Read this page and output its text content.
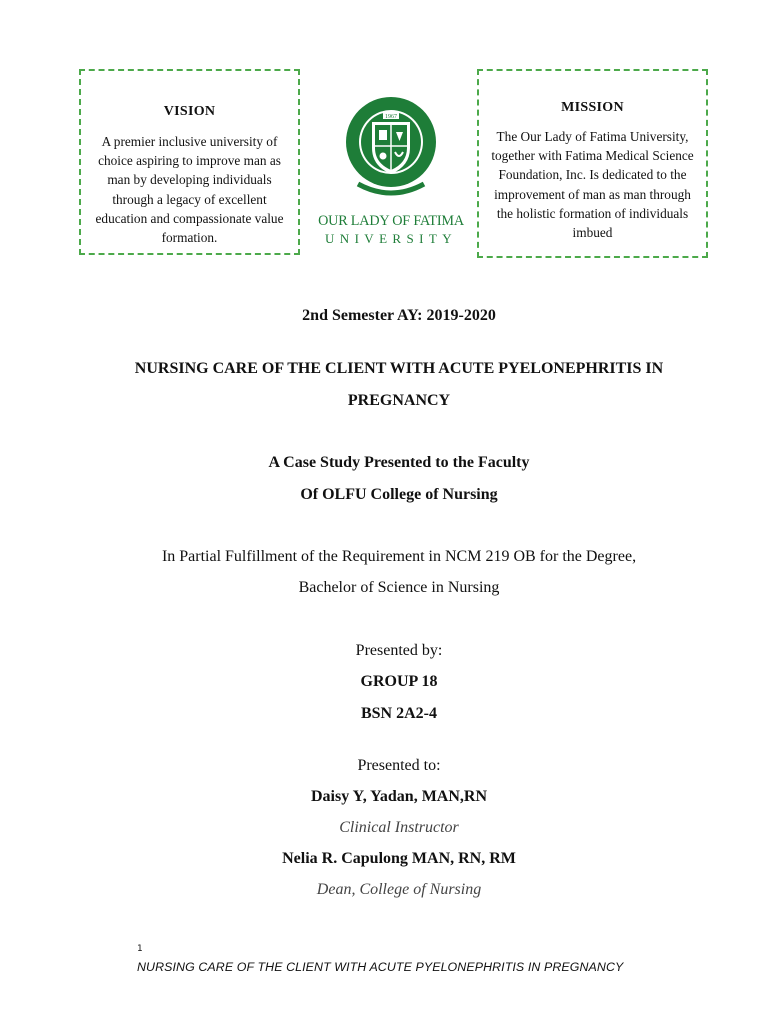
VISION

A premier inclusive university of choice aspiring to improve man as man by developing individuals through a legacy of excellent education and compassionate value formation.

1967
OUR LADY OF FATIMA
UNIVERSITY
MISSION

The Our Lady of Fatima University, together with Fatima Medical Science Foundation, Inc. Is dedicated to the improvement of man as man through the holistic formation of individuals imbued

2nd Semester AY: 2019-2020
NURSING CARE OF THE CLIENT WITH ACUTE PYELONEPHRITIS IN
PREGNANCY
A Case Study Presented to the Faculty
Of OLFU College of Nursing
In Partial Fulfillment of the Requirement in NCM 219 OB for the Degree,
Bachelor of Science in Nursing
Presented by:
GROUP 18
BSN 2A2-4
Presented to:
Daisy Y, Yadan, MAN,RN
Clinical Instructor
Nelia R. Capulong MAN, RN, RM
Dean, College of Nursing
1
NURSING CARE OF THE CLIENT WITH ACUTE PYELONEPHRITIS IN PREGNANCY
